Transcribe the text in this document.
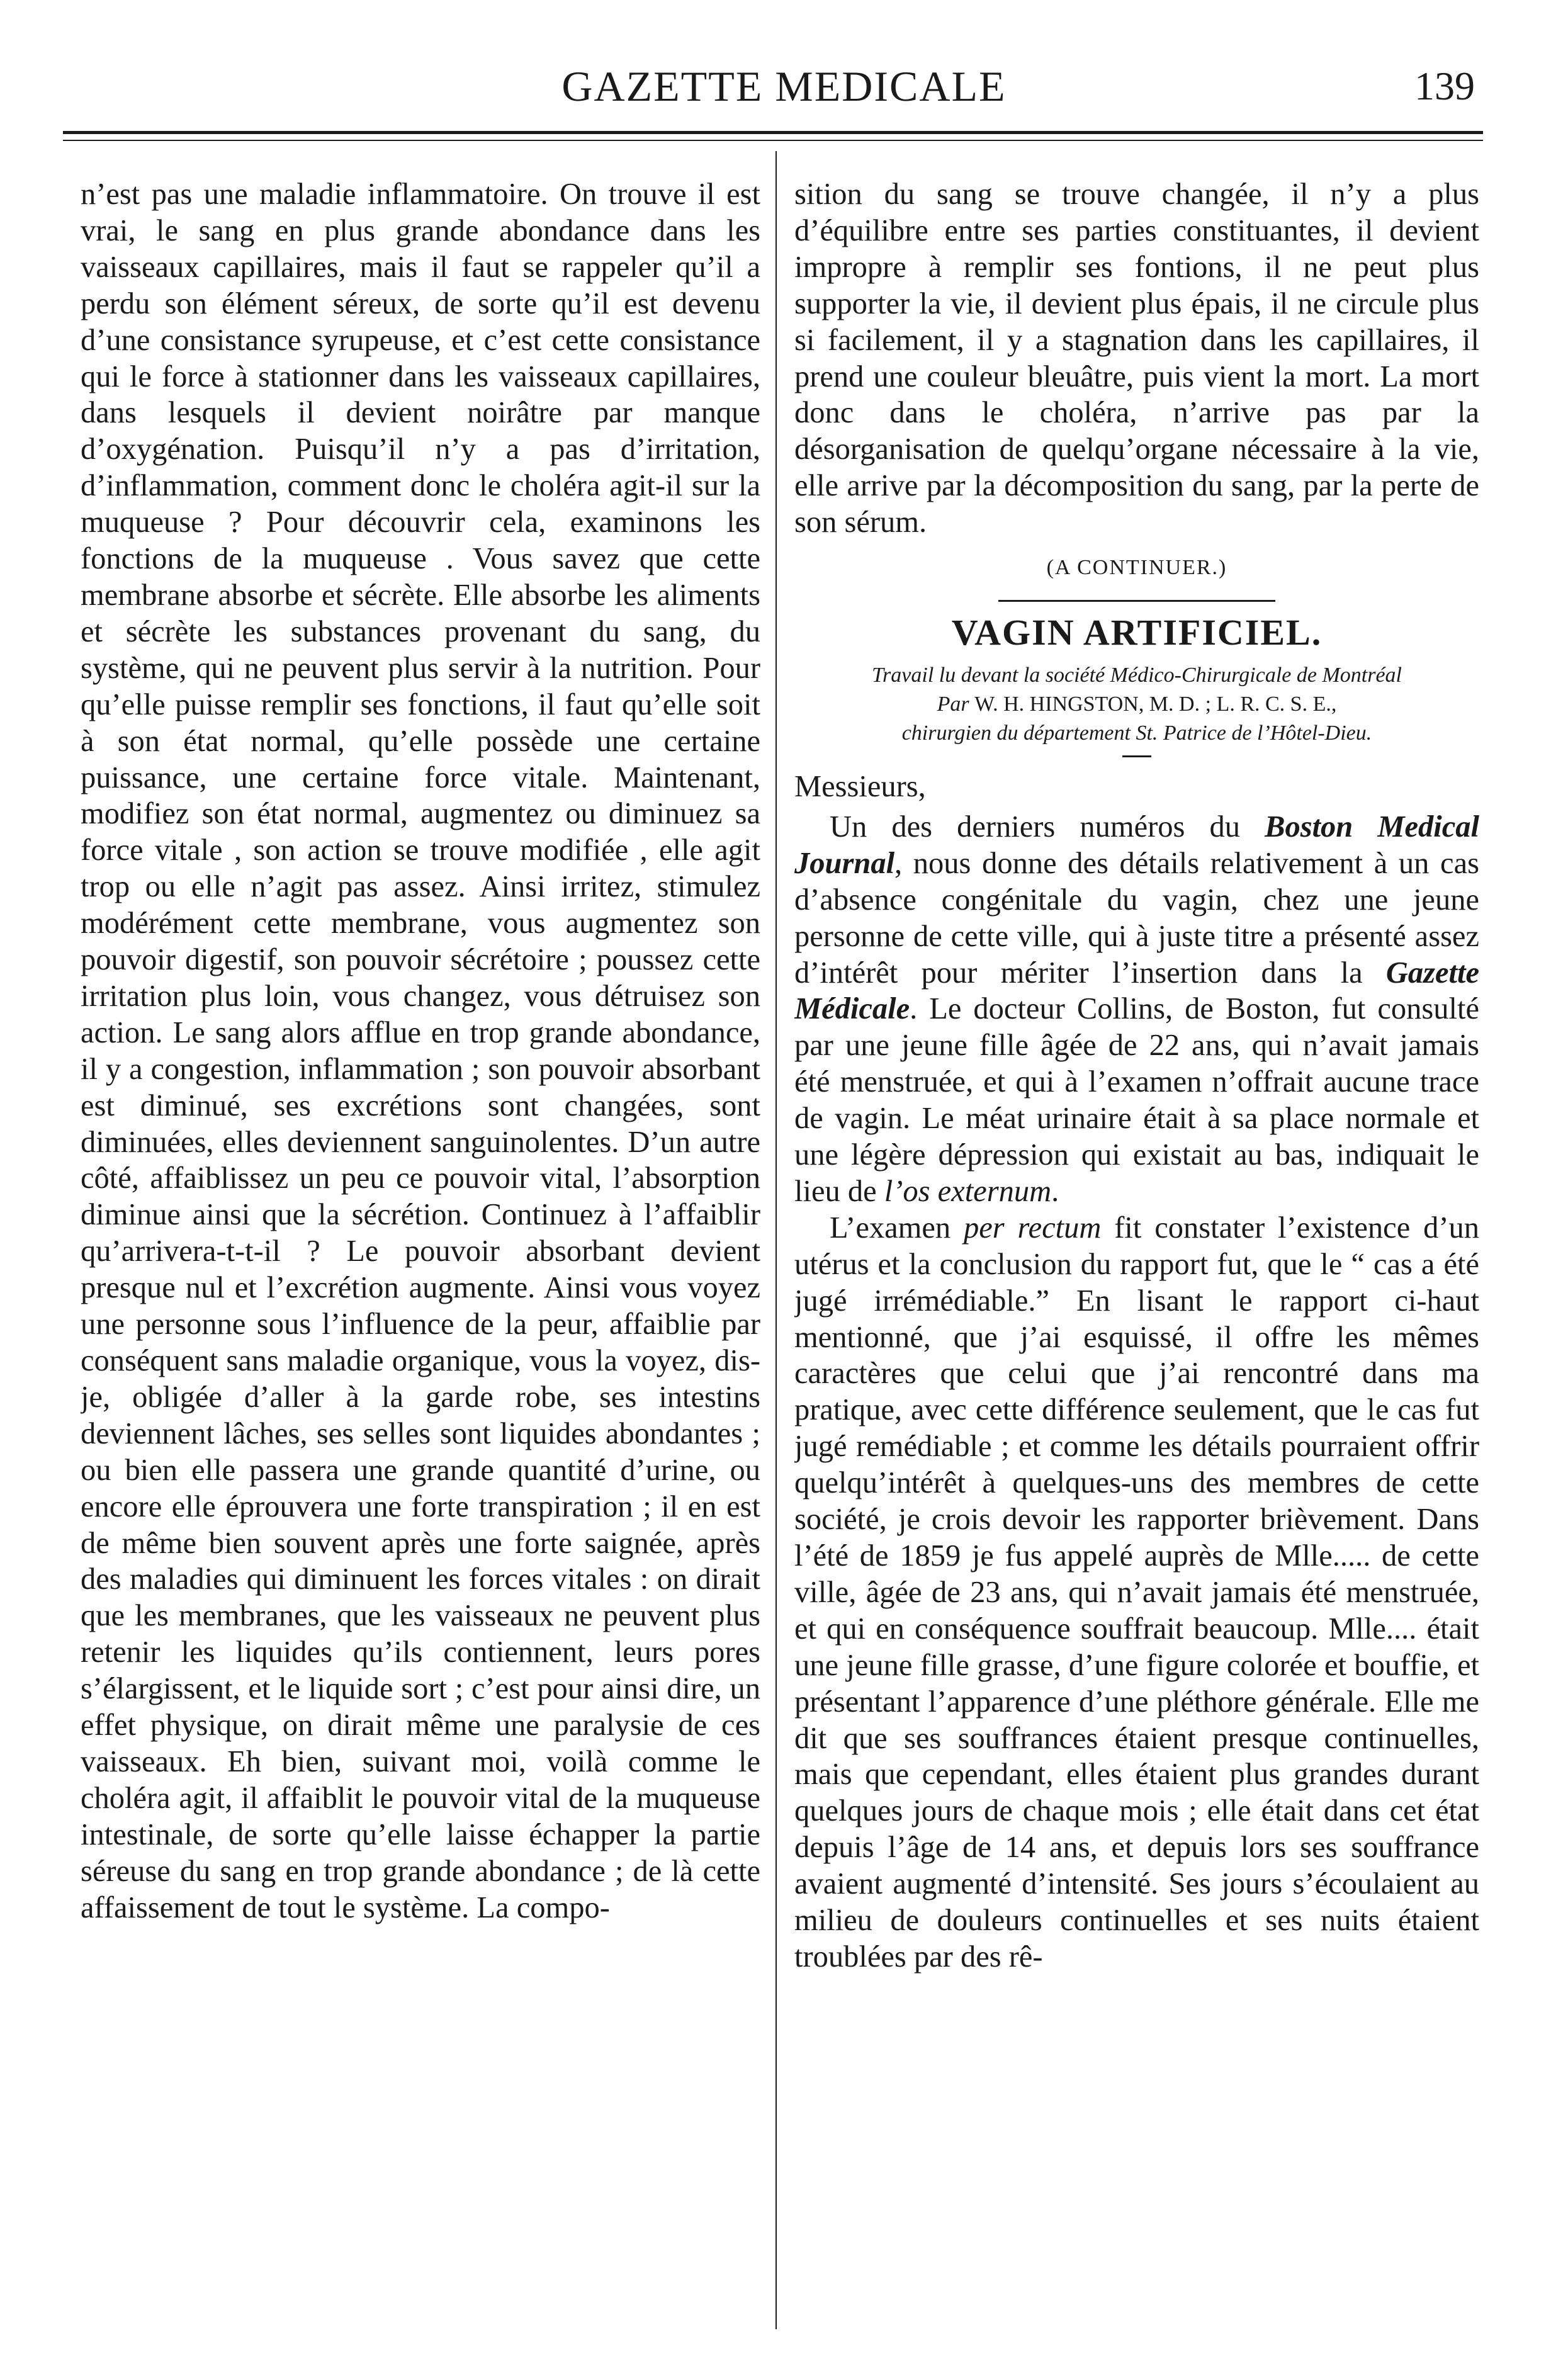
GAZETTE MEDICALE	139

n’est pas une maladie inflammatoire. On trouve il est vrai, le sang en plus grande abondance dans les vaisseaux capillaires, mais il faut se rappeler qu’il a perdu son élément séreux, de sorte qu’il est devenu d’une consistance syrupeuse, et c’est cette consistance qui le force à stationner dans les vaisseaux capillaires, dans lesquels il devient noirâtre par manque d’oxygénation. Puisqu’il n’y a pas d’irritation, d’inflammation, comment donc le choléra agit-il sur la muqueuse ? Pour découvrir cela, examinons les fonctions de la muqueuse . Vous savez que cette membrane absorbe et sécrète. Elle absorbe les aliments et sécrète les substances provenant du sang, du système, qui ne peuvent plus servir à la nutrition. Pour qu’elle puisse remplir ses fonctions, il faut qu’elle soit à son état normal, qu’elle possède une certaine puissance, une certaine force vitale. Maintenant, modifiez son état normal, augmentez ou diminuez sa force vitale , son action se trouve modifiée , elle agit trop ou elle n’agit pas assez. Ainsi irritez, stimulez modérément cette membrane, vous augmentez son pouvoir digestif, son pouvoir sécrétoire ; poussez cette irritation plus loin, vous changez, vous détruisez son action. Le sang alors afflue en trop grande abondance, il y a congestion, inflammation ; son pouvoir absorbant est diminué, ses excrétions sont changées, sont diminuées, elles deviennent sanguinolentes. D’un autre côté, affaiblissez un peu ce pouvoir vital, l’absorption diminue ainsi que la sécrétion. Continuez à l’affaiblir qu’arrivera-t-t-il ? Le pouvoir absorbant devient presque nul et l’excrétion augmente. Ainsi vous voyez une personne sous l’influence de la peur, affaiblie par conséquent sans maladie organique, vous la voyez, dis-je, obligée d’aller à la garde robe, ses intestins deviennent lâches, ses selles sont liquides abondantes ; ou bien elle passera une grande quantité d’urine, ou encore elle éprouvera une forte transpiration ; il en est de même bien souvent après une forte saignée, après des maladies qui diminuent les forces vitales : on dirait que les membranes, que les vaisseaux ne peuvent plus retenir les liquides qu’ils contiennent, leurs pores s’élargissent, et le liquide sort ; c’est pour ainsi dire, un effet physique, on dirait même une paralysie de ces vaisseaux. Eh bien, suivant moi, voilà comme le choléra agit, il affaiblit le pouvoir vital de la muqueuse intestinale, de sorte qu’elle laisse échapper la partie séreuse du sang en trop grande abondance ; de là cette affaissement de tout le système. La compo-

sition du sang se trouve changée, il n’y a plus d’équilibre entre ses parties constituantes, il devient impropre à remplir ses fontions, il ne peut plus supporter la vie, il devient plus épais, il ne circule plus si facilement, il y a stagnation dans les capillaires, il prend une couleur bleuâtre, puis vient la mort. La mort donc dans le choléra, n’arrive pas par la désorganisation de quelqu’organe nécessaire à la vie, elle arrive par la décomposition du sang, par la perte de son sérum.

(A CONTINUER.)

VAGIN ARTIFICIEL.

Travail lu devant la société Médico-Chirurgicale de Montréal

Par W. H. HINGSTON, M. D. ; L. R. C. S. E.,

chirurgien du département St. Patrice de l’Hôtel-Dieu.

Messieurs,

Un des derniers numéros du Boston Medical Journal, nous donne des détails relativement à un cas d’absence congénitale du vagin, chez une jeune personne de cette ville, qui à juste titre a présenté assez d’intérêt pour mériter l’insertion dans la Gazette Médicale. Le docteur Collins, de Boston, fut consulté par une jeune fille âgée de 22 ans, qui n’avait jamais été menstruée, et qui à l’examen n’offrait aucune trace de vagin. Le méat urinaire était à sa place normale et une légère dépression qui existait au bas, indiquait le lieu de l’os externum.

L’examen per rectum fit constater l’existence d’un utérus et la conclusion du rapport fut, que le “ cas a été jugé irrémédiable.” En lisant le rapport ci-haut mentionné, que j’ai esquissé, il offre les mêmes caractères que celui que j’ai rencontré dans ma pratique, avec cette différence seulement, que le cas fut jugé remédiable ; et comme les détails pourraient offrir quelqu’intérêt à quelques-uns des membres de cette société, je crois devoir les rapporter brièvement. Dans l’été de 1859 je fus appelé auprès de Mlle..... de cette ville, âgée de 23 ans, qui n’avait jamais été menstruée, et qui en conséquence souffrait beaucoup. Mlle.... était une jeune fille grasse, d’une figure colorée et bouffie, et présentant l’apparence d’une pléthore générale. Elle me dit que ses souffrances étaient presque continuelles, mais que cependant, elles étaient plus grandes durant quelques jours de chaque mois ; elle était dans cet état depuis l’âge de 14 ans, et depuis lors ses souffrance avaient augmenté d’intensité. Ses jours s’écoulaient au milieu de douleurs continuelles et ses nuits étaient troublées par des rê-
